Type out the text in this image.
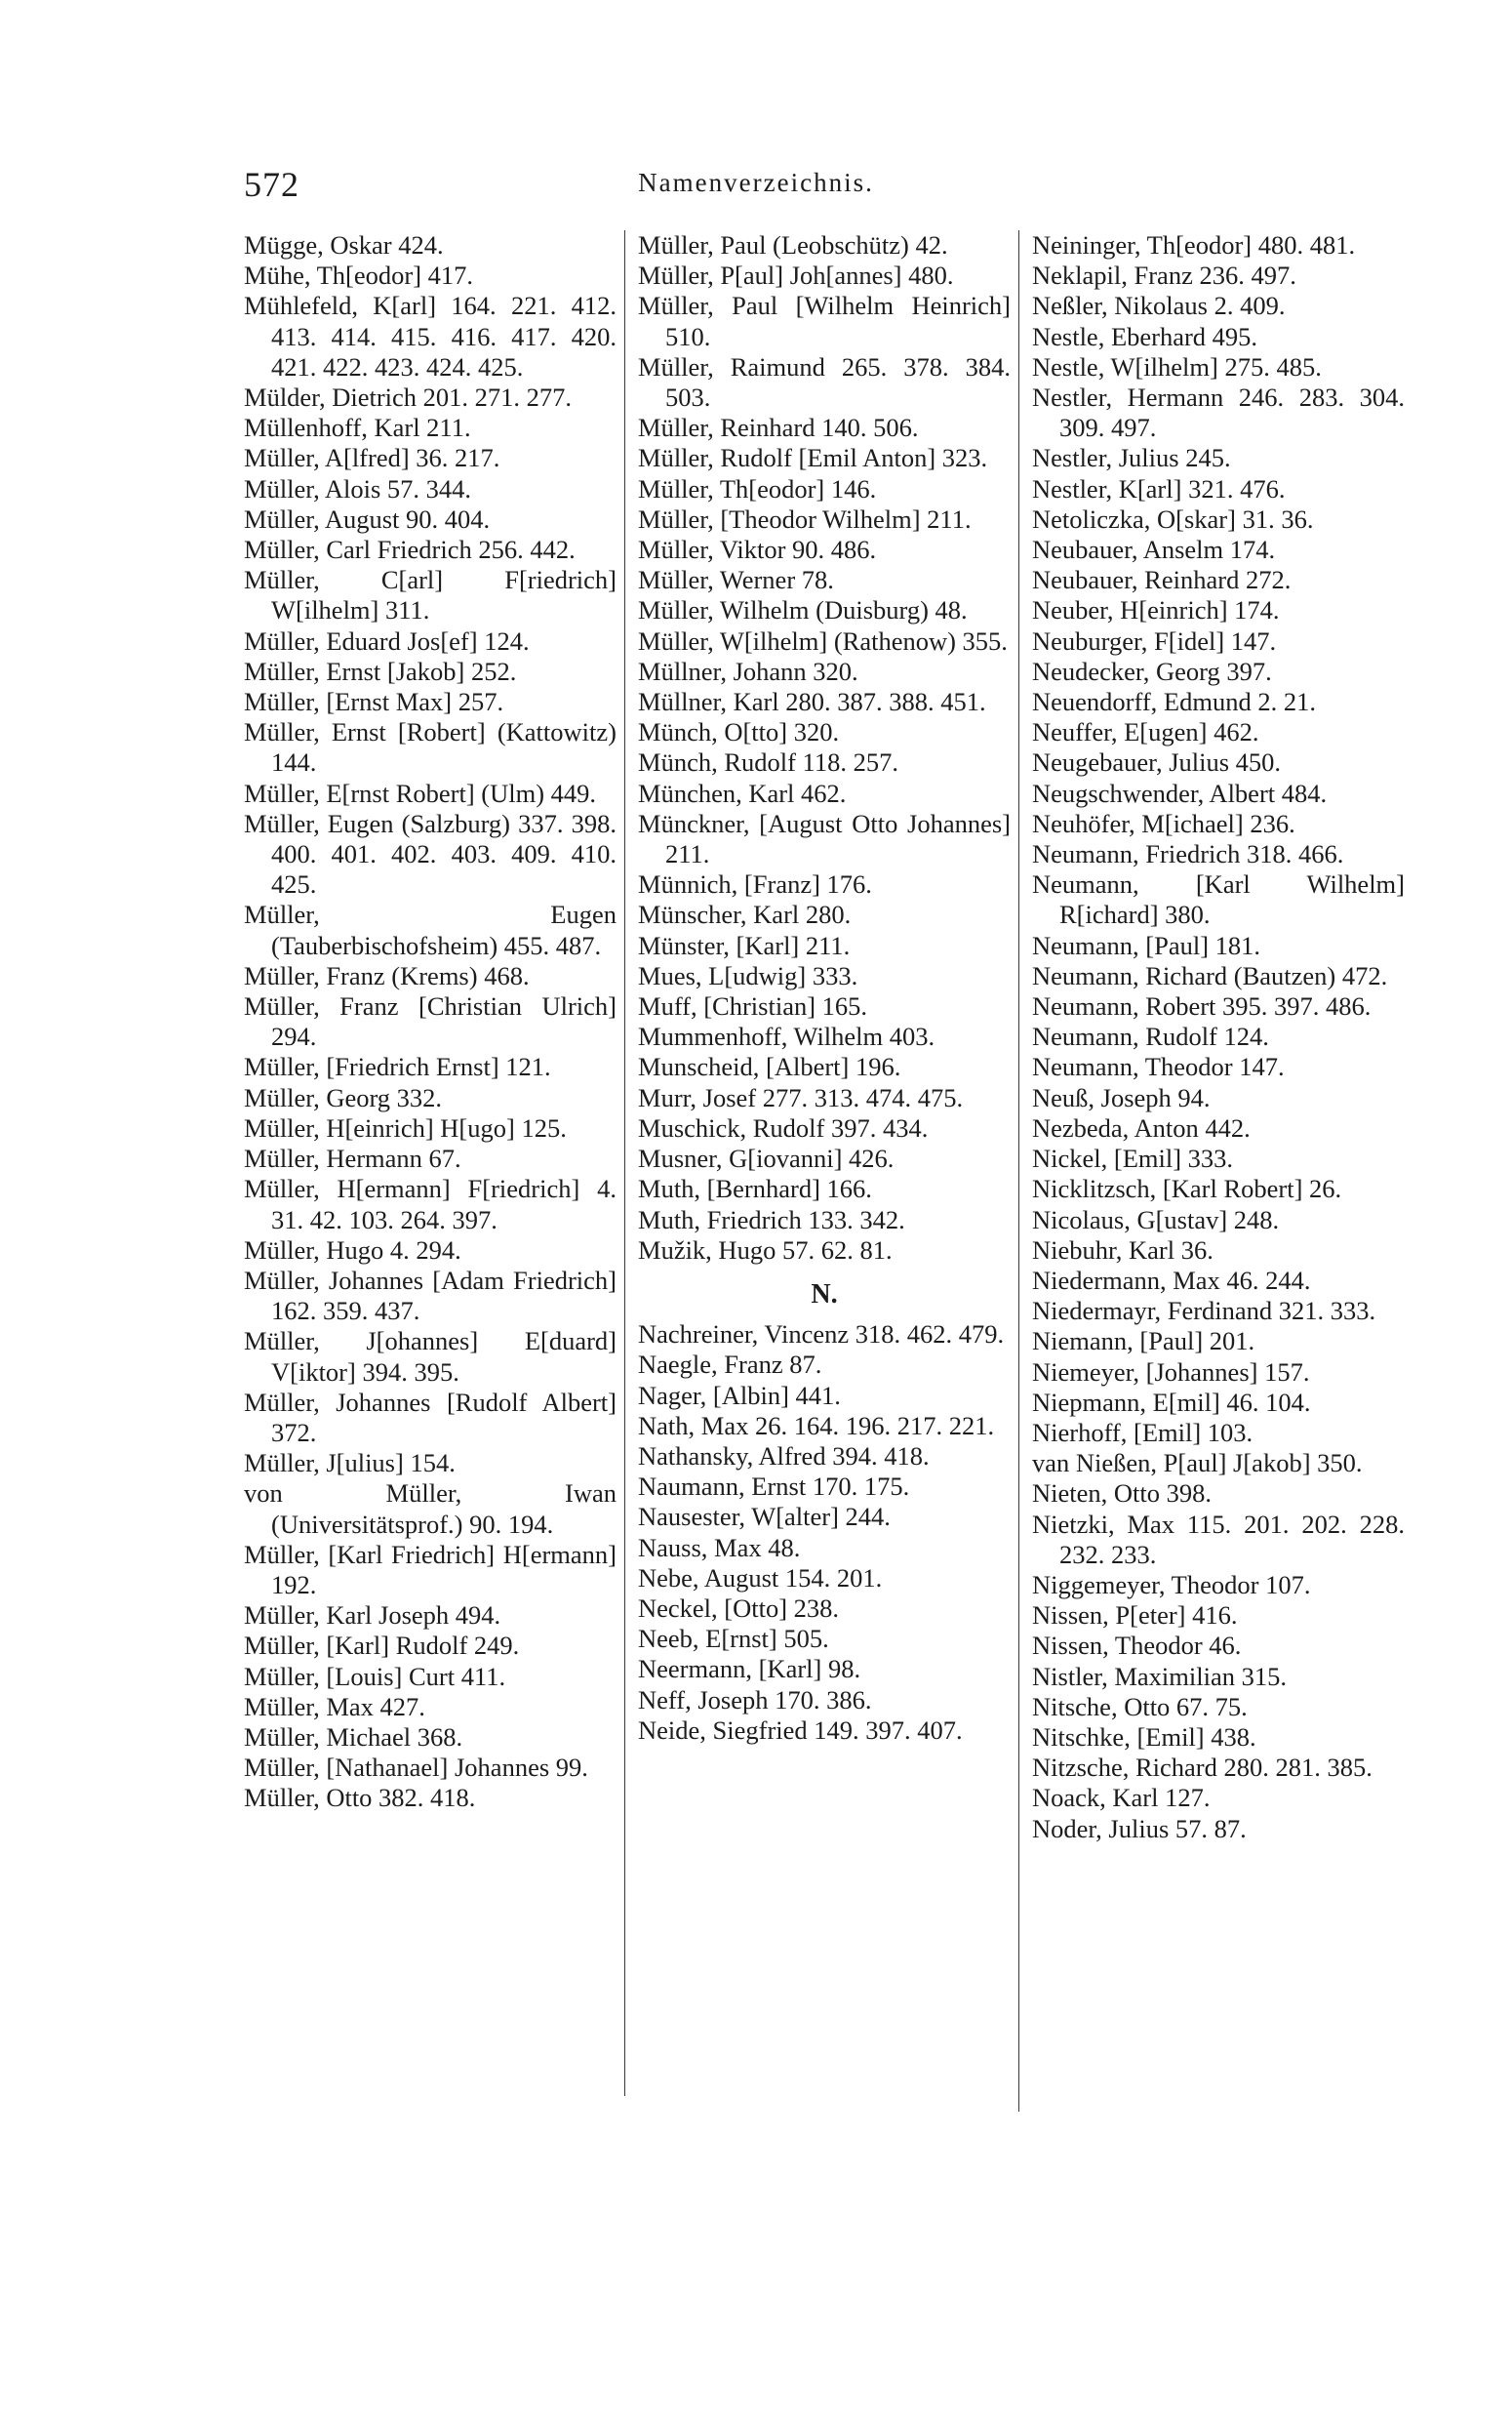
572	Namenverzeichnis.
Mügge, Oskar 424.
Mühe, Th[eodor] 417.
Mühlefeld, K[arl] 164. 221. 412. 413. 414. 415. 416. 417. 420. 421. 422. 423. 424. 425.
Mülder, Dietrich 201. 271. 277.
Müllenhoff, Karl 211.
Müller, A[lfred] 36. 217.
Müller, Alois 57. 344.
Müller, August 90. 404.
Müller, Carl Friedrich 256. 442.
Müller, C[arl] F[riedrich] W[ilhelm] 311.
Müller, Eduard Jos[ef] 124.
Müller, Ernst [Jakob] 252.
Müller, [Ernst Max] 257.
Müller, Ernst [Robert] (Kattowitz) 144.
Müller, E[rnst Robert] (Ulm) 449.
Müller, Eugen (Salzburg) 337. 398. 400. 401. 402. 403. 409. 410. 425.
Müller, Eugen (Tauberbischofsheim) 455. 487.
Müller, Franz (Krems) 468.
Müller, Franz [Christian Ulrich] 294.
Müller, [Friedrich Ernst] 121.
Müller, Georg 332.
Müller, H[einrich] H[ugo] 125.
Müller, Hermann 67.
Müller, H[ermann] F[riedrich] 4. 31. 42. 103. 264. 397.
Müller, Hugo 4. 294.
Müller, Johannes [Adam Friedrich] 162. 359. 437.
Müller, J[ohannes] E[duard] V[iktor] 394. 395.
Müller, Johannes [Rudolf Albert] 372.
Müller, J[ulius] 154.
von Müller, Iwan (Universitätsprof.) 90. 194.
Müller, [Karl Friedrich] H[ermann] 192.
Müller, Karl Joseph 494.
Müller, [Karl] Rudolf 249.
Müller, [Louis] Curt 411.
Müller, Max 427.
Müller, Michael 368.
Müller, [Nathanael] Johannes 99.
Müller, Otto 382. 418.
Müller, Paul (Leobschütz) 42.
Müller, P[aul] Joh[annes] 480.
Müller, Paul [Wilhelm Heinrich] 510.
Müller, Raimund 265. 378. 384. 503.
Müller, Reinhard 140. 506.
Müller, Rudolf [Emil Anton] 323.
Müller, Th[eodor] 146.
Müller, [Theodor Wilhelm] 211.
Müller, Viktor 90. 486.
Müller, Werner 78.
Müller, Wilhelm (Duisburg) 48.
Müller, W[ilhelm] (Rathenow) 355.
Müllner, Johann 320.
Müllner, Karl 280. 387. 388. 451.
Münch, O[tto] 320.
Münch, Rudolf 118. 257.
München, Karl 462.
Münckner, [August Otto Johannes] 211.
Münnich, [Franz] 176.
Münscher, Karl 280.
Münster, [Karl] 211.
Mues, L[udwig] 333.
Muff, [Christian] 165.
Mummenhoff, Wilhelm 403.
Munscheid, [Albert] 196.
Murr, Josef 277. 313. 474. 475.
Muschick, Rudolf 397. 434.
Musner, G[iovanni] 426.
Muth, [Bernhard] 166.
Muth, Friedrich 133. 342.
Mužik, Hugo 57. 62. 81.
N.
Nachreiner, Vincenz 318. 462. 479.
Naegle, Franz 87.
Nager, [Albin] 441.
Nath, Max 26. 164. 196. 217. 221.
Nathansky, Alfred 394. 418.
Naumann, Ernst 170. 175.
Nausester, W[alter] 244.
Nauss, Max 48.
Nebe, August 154. 201.
Neckel, [Otto] 238.
Neeb, E[rnst] 505.
Neermann, [Karl] 98.
Neff, Joseph 170. 386.
Neide, Siegfried 149. 397. 407.
Neininger, Th[eodor] 480. 481.
Neklapil, Franz 236. 497.
Neßler, Nikolaus 2. 409.
Nestle, Eberhard 495.
Nestle, W[ilhelm] 275. 485.
Nestler, Hermann 246. 283. 304. 309. 497.
Nestler, Julius 245.
Nestler, K[arl] 321. 476.
Netoliczka, O[skar] 31. 36.
Neubauer, Anselm 174.
Neubauer, Reinhard 272.
Neuber, H[einrich] 174.
Neuburger, F[idel] 147.
Neudecker, Georg 397.
Neuendorff, Edmund 2. 21.
Neuffer, E[ugen] 462.
Neugebauer, Julius 450.
Neugschwender, Albert 484.
Neuhöfer, M[ichael] 236.
Neumann, Friedrich 318. 466.
Neumann, [Karl Wilhelm] R[ichard] 380.
Neumann, [Paul] 181.
Neumann, Richard (Bautzen) 472.
Neumann, Robert 395. 397. 486.
Neumann, Rudolf 124.
Neumann, Theodor 147.
Neuß, Joseph 94.
Nezbeda, Anton 442.
Nickel, [Emil] 333.
Nicklitzsch, [Karl Robert] 26.
Nicolaus, G[ustav] 248.
Niebuhr, Karl 36.
Niedermann, Max 46. 244.
Niedermayr, Ferdinand 321. 333.
Niemann, [Paul] 201.
Niemeyer, [Johannes] 157.
Niepmann, E[mil] 46. 104.
Nierhoff, [Emil] 103.
van Nießen, P[aul] J[akob] 350.
Nieten, Otto 398.
Nietzki, Max 115. 201. 202. 228. 232. 233.
Niggemeyer, Theodor 107.
Nissen, P[eter] 416.
Nissen, Theodor 46.
Nistler, Maximilian 315.
Nitsche, Otto 67. 75.
Nitschke, [Emil] 438.
Nitzsche, Richard 280. 281. 385.
Noack, Karl 127.
Noder, Julius 57. 87.
